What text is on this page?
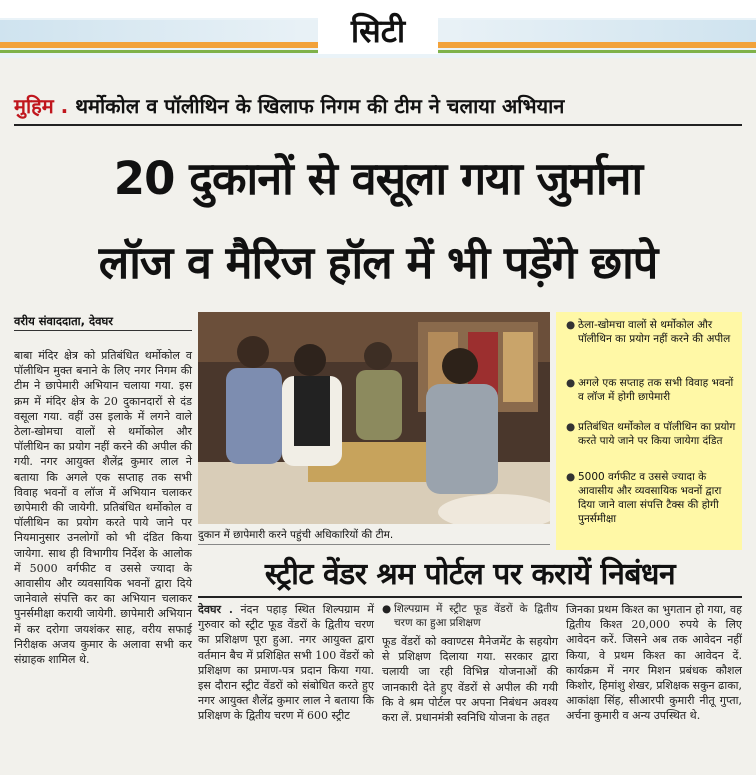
सिटी
मुहिम . थर्मोकोल व पॉलीथिन के खिलाफ निगम की टीम ने चलाया अभियान
20 दुकानों से वसूला गया जुर्माना
लॉज व मैरिज हॉल में भी पड़ेंगे छापे
वरीय संवाददाता, देवघर
बाबा मंदिर क्षेत्र को प्रतिबंधित थर्मोकोल व पॉलीथिन मुक्त बनाने के लिए नगर निगम की टीम ने छापेमारी अभियान चलाया गया. इस क्रम में मंदिर क्षेत्र के 20 दुकानदारों से दंड वसूला गया. वहीं उस इलाके में लगने वाले ठेला-खोमचा वालों से थर्मोकोल और पॉलीथिन का प्रयोग नहीं करने की अपील की गयी. नगर आयुक्त शैलेंद्र कुमार लाल ने बताया कि अगले एक सप्ताह तक सभी विवाह भवनों व लॉज में अभियान चलाकर छापेमारी की जायेगी. प्रतिबंधित थर्मोकोल व पॉलीथिन का प्रयोग करते पाये जाने पर नियमानुसार उनलोगों को भी दंडित किया जायेगा. साथ ही विभागीय निर्देश के आलोक में 5000 वर्गफीट व उससे ज्यादा के आवासीय और व्यवसायिक भवनों द्वारा दिये जानेवाले संपत्ति कर का अभियान चलाकर पुनर्समीक्षा करायी जायेगी. छापेमारी अभियान में कर दरोगा जयशंकर साह, वरीय सफाई निरीक्षक अजय कुमार के अलावा सभी कर संग्राहक शामिल थे.
दुकान में छापेमारी करने पहुंची अधिकारियों की टीम.
● ठेला-खोमचा वालों से थर्मोकोल और पॉलीथिन का प्रयोग नहीं करने की अपील
● अगले एक सप्ताह तक सभी विवाह भवनों व लॉज में होगी छापेमारी
● प्रतिबंधित थर्मोकोल व पॉलीथिन का प्रयोग करते पाये जाने पर किया जायेगा दंडित
● 5000 वर्गफीट व उससे ज्यादा के आवासीय और व्यवसायिक भवनों द्वारा दिया जाने वाला संपत्ति टैक्स की होगी पुनर्समीक्षा
स्ट्रीट वेंडर श्रम पोर्टल पर करायें निबंधन
देवघर . नंदन पहाड़ स्थित शिल्पग्राम में गुरुवार को स्ट्रीट फूड वेंडरों के द्वितीय चरण का प्रशिक्षण पूरा हुआ. नगर आयुक्त द्वारा वर्तमान बैच में प्रशिक्षित सभी 100 वेंडरों को प्रशिक्षण का प्रमाण-पत्र प्रदान किया गया. इस दौरान स्ट्रीट वेंडरों को संबोधित करते हुए नगर आयुक्त शैलेंद्र कुमार लाल ने बताया कि प्रशिक्षण के द्वितीय चरण में 600 स्ट्रीट
● शिल्पग्राम में स्ट्रीट फूड वेंडरों के द्वितीय चरण का हुआ प्रशिक्षण
फूड वेंडरों को क्वाण्टस मैनेजमेंट के सहयोग से प्रशिक्षण दिलाया गया. सरकार द्वारा चलायी जा रही विभिन्न योजनाओं की जानकारी देते हुए वेंडरों से अपील की गयी कि वे श्रम पोर्टल पर अपना निबंधन अवश्य करा लें. प्रधानमंत्री स्वनिधि योजना के तहत
जिनका प्रथम किश्त का भुगतान हो गया, वह द्वितीय किश्त 20,000 रुपये के लिए आवेदन करें. जिसने अब तक आवेदन नहीं किया, वे प्रथम किश्त का आवेदन दें. कार्यक्रम में नगर मिशन प्रबंधक कौशल किशोर, हिमांशु शेखर, प्रशिक्षक सकुन ढाका, आकांक्षा सिंह, सीआरपी कुमारी नीतू गुप्ता, अर्चना कुमारी व अन्य उपस्थित थे.
